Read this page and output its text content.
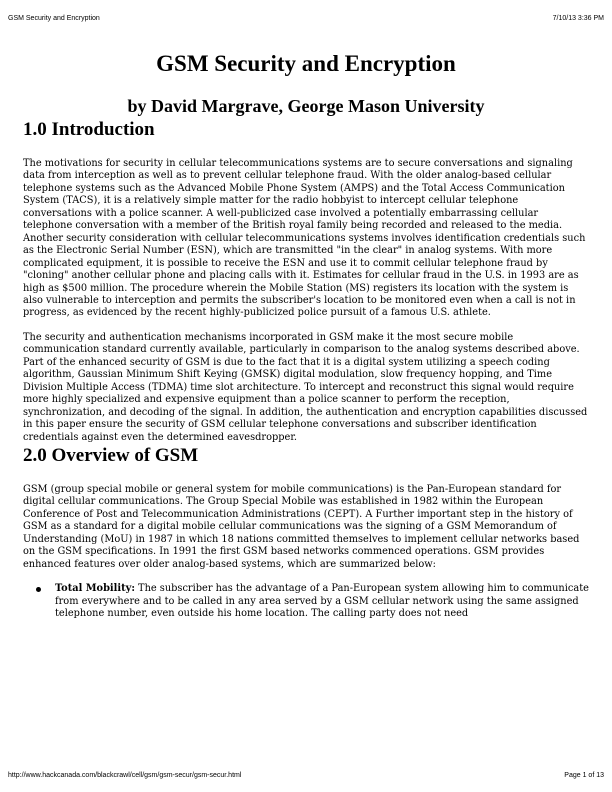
GSM Security and Encryption	7/10/13 3:36 PM
GSM Security and Encryption
by David Margrave, George Mason University
1.0 Introduction

The motivations for security in cellular telecommunications systems are to secure conversations and signaling data from interception as well as to prevent cellular telephone fraud. With the older analog-based cellular telephone systems such as the Advanced Mobile Phone System (AMPS) and the Total Access Communication System (TACS), it is a relatively simple matter for the radio hobbyist to intercept cellular telephone conversations with a police scanner. A well-publicized case involved a potentially embarrassing cellular telephone conversation with a member of the British royal family being recorded and released to the media. Another security consideration with cellular telecommunications systems involves identification credentials such as the Electronic Serial Number (ESN), which are transmitted "in the clear" in analog systems. With more complicated equipment, it is possible to receive the ESN and use it to commit cellular telephone fraud by "cloning" another cellular phone and placing calls with it. Estimates for cellular fraud in the U.S. in 1993 are as high as $500 million. The procedure wherein the Mobile Station (MS) registers its location with the system is also vulnerable to interception and permits the subscriber's location to be monitored even when a call is not in progress, as evidenced by the recent highly-publicized police pursuit of a famous U.S. athlete.

The security and authentication mechanisms incorporated in GSM make it the most secure mobile communication standard currently available, particularly in comparison to the analog systems described above. Part of the enhanced security of GSM is due to the fact that it is a digital system utilizing a speech coding algorithm, Gaussian Minimum Shift Keying (GMSK) digital modulation, slow frequency hopping, and Time Division Multiple Access (TDMA) time slot architecture. To intercept and reconstruct this signal would require more highly specialized and expensive equipment than a police scanner to perform the reception, synchronization, and decoding of the signal. In addition, the authentication and encryption capabilities discussed in this paper ensure the security of GSM cellular telephone conversations and subscriber identification credentials against even the determined eavesdropper.

2.0 Overview of GSM

GSM (group special mobile or general system for mobile communications) is the Pan-European standard for digital cellular communications. The Group Special Mobile was established in 1982 within the European Conference of Post and Telecommunication Administrations (CEPT). A Further important step in the history of GSM as a standard for a digital mobile cellular communications was the signing of a GSM Memorandum of Understanding (MoU) in 1987 in which 18 nations committed themselves to implement cellular networks based on the GSM specifications. In 1991 the first GSM based networks commenced operations. GSM provides enhanced features over older analog-based systems, which are summarized below:

Total Mobility: The subscriber has the advantage of a Pan-European system allowing him to communicate from everywhere and to be called in any area served by a GSM cellular network using the same assigned telephone number, even outside his home location. The calling party does not need
http://www.hackcanada.com/blackcrawl/cell/gsm/gsm-secur/gsm-secur.html	Page 1 of 13
